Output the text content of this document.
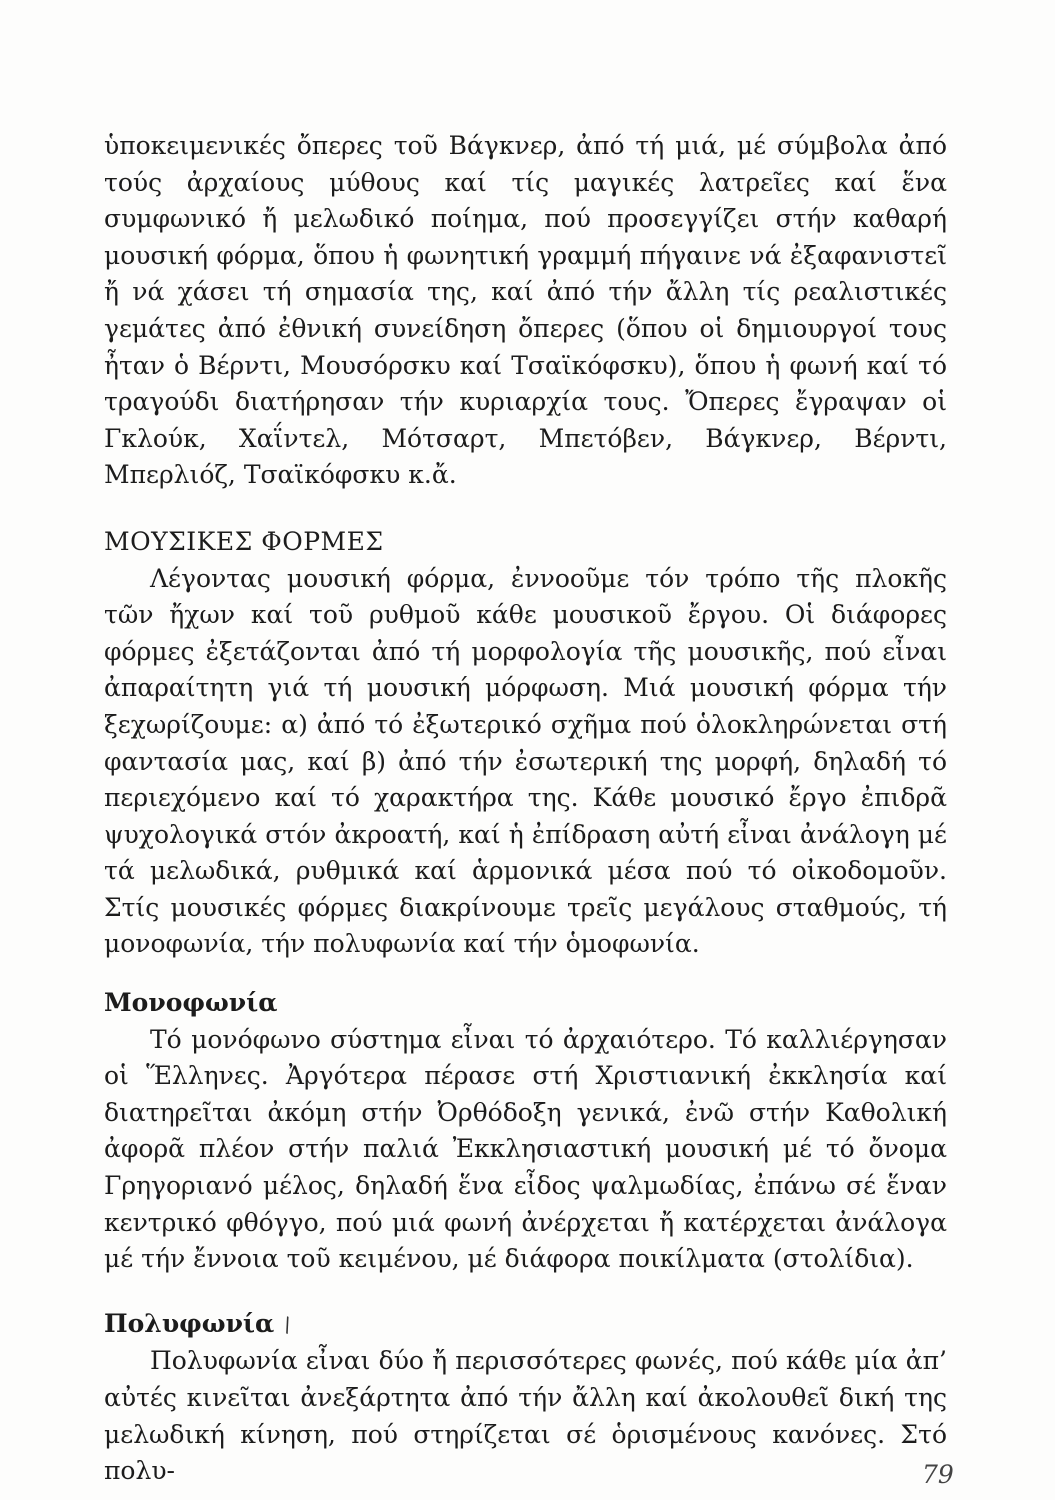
ὑποκειμενικές ὄπερες τοῦ Βάγκνερ, ἀπό τή μιά, μέ σύμβολα ἀπό τούς ἀρχαίους μύθους καί τίς μαγικές λατρεῖες καί ἕνα συμφωνικό ἤ μελωδικό ποίημα, πού προσεγγίζει στήν καθαρή μουσική φόρμα, ὅπου ἡ φωνητική γραμμή πήγαινε νά ἐξαφανιστεῖ ἤ νά χάσει τή σημασία της, καί ἀπό τήν ἄλλη τίς ρεαλιστικές γεμάτες ἀπό ἐθνική συνείδηση ὄπερες (ὅπου οἱ δημιουργοί τους ἦταν ὁ Βέρντι, Μουσόρσκυ καί Τσαϊκόφσκυ), ὅπου ἡ φωνή καί τό τραγούδι διατήρησαν τήν κυριαρχία τους. Ὄπερες ἔγραψαν οἱ Γκλούκ, Χαΐντελ, Μότσαρτ, Μπετόβεν, Βάγκνερ, Βέρντι, Μπερλιόζ, Τσαϊκόφσκυ κ.ἄ.

ΜΟΥΣΙΚΕΣ ΦΟΡΜΕΣ

Λέγοντας μουσική φόρμα, ἐννοοῦμε τόν τρόπο τῆς πλοκῆς τῶν ἤχων καί τοῦ ρυθμοῦ κάθε μουσικοῦ ἔργου. Οἱ διάφορες φόρμες ἐξετάζονται ἀπό τή μορφολογία τῆς μουσικῆς, πού εἶναι ἀπαραίτητη γιά τή μουσική μόρφωση. Μιά μουσική φόρμα τήν ξεχωρίζουμε: α) ἀπό τό ἐξωτερικό σχῆμα πού ὁλοκληρώνεται στή φαντασία μας, καί β) ἀπό τήν ἐσωτερική της μορφή, δηλαδή τό περιεχόμενο καί τό χαρακτήρα της. Κάθε μουσικό ἔργο ἐπιδρᾶ ψυχολογικά στόν ἀκροατή, καί ἡ ἐπίδραση αὐτή εἶναι ἀνάλογη μέ τά μελωδικά, ρυθμικά καί ἁρμονικά μέσα πού τό οἰκοδομοῦν. Στίς μουσικές φόρμες διακρίνουμε τρεῖς μεγάλους σταθμούς, τή μονοφωνία, τήν πολυφωνία καί τήν ὁμοφωνία.

Μονοφωνία

Τό μονόφωνο σύστημα εἶναι τό ἀρχαιότερο. Τό καλλιέργησαν οἱ Ἕλληνες. Ἀργότερα πέρασε στή Χριστιανική ἐκκλησία καί διατηρεῖται ἀκόμη στήν Ὀρθόδοξη γενικά, ἐνῶ στήν Καθολική ἀφορᾶ πλέον στήν παλιά Ἐκκλησιαστική μουσική μέ τό ὄνομα Γρηγοριανό μέλος, δηλαδή ἕνα εἶδος ψαλμωδίας, ἐπάνω σέ ἕναν κεντρικό φθόγγο, πού μιά φωνή ἀνέρχεται ἤ κατέρχεται ἀνάλογα μέ τήν ἔννοια τοῦ κειμένου, μέ διάφορα ποικίλματα (στολίδια).

Πολυφωνία ∖

Πολυφωνία εἶναι δύο ἤ περισσότερες φωνές, πού κάθε μία ἀπ’ αὐτές κινεῖται ἀνεξάρτητα ἀπό τήν ἄλλη καί ἀκολουθεῖ δική της μελωδική κίνηση, πού στηρίζεται σέ ὁρισμένους κανόνες. Στό πολυ-	79
